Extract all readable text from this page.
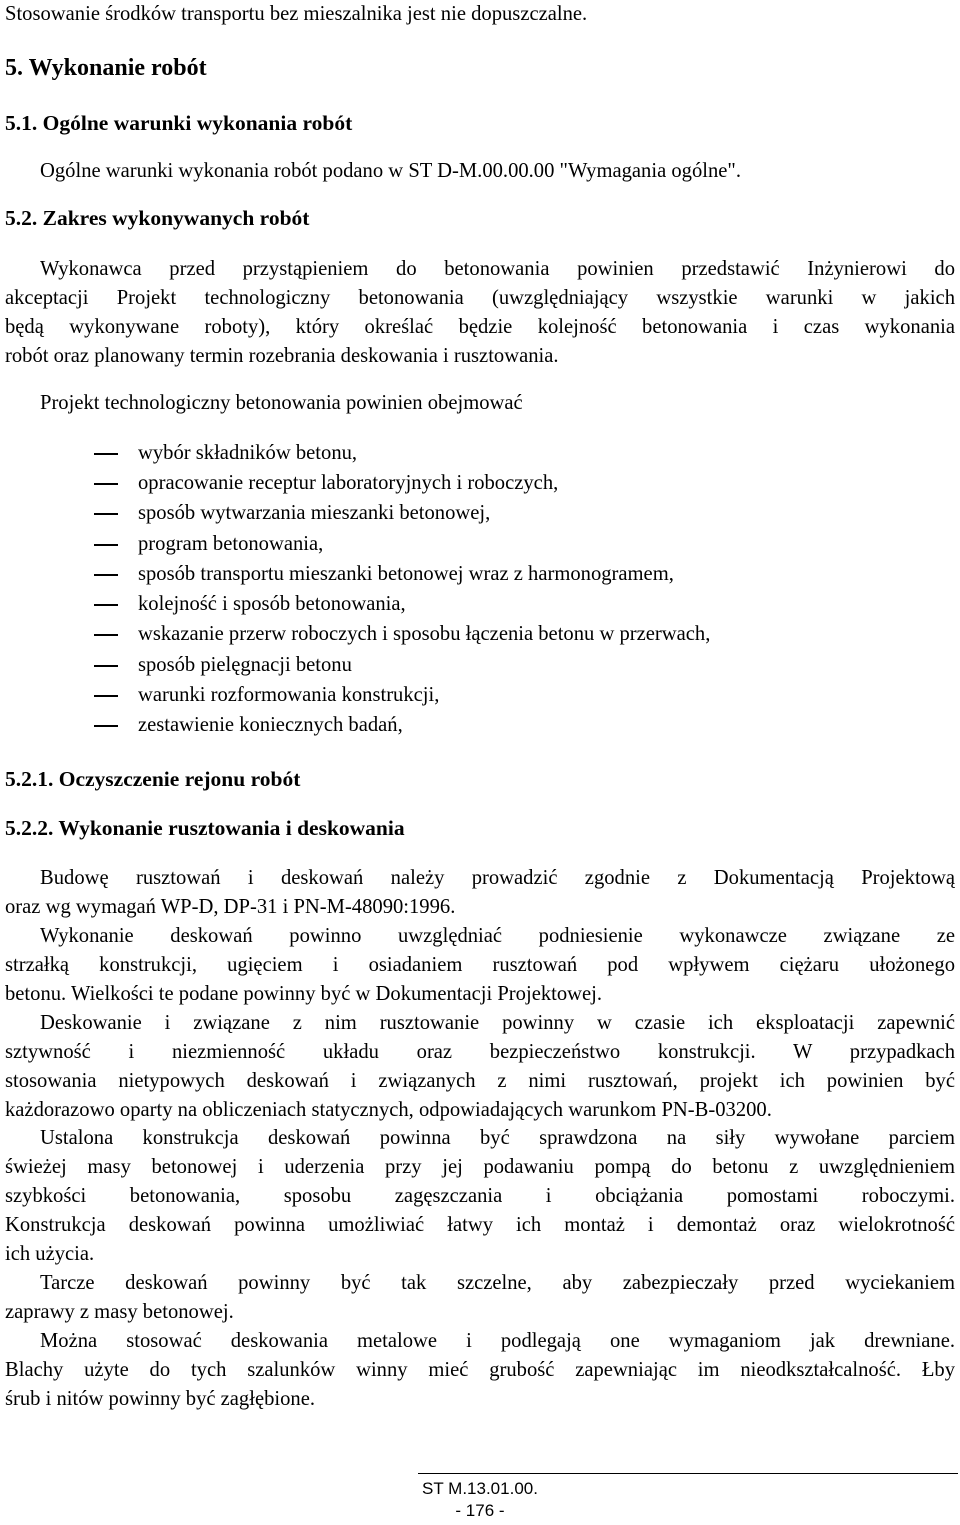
Stosowanie środków transportu bez mieszalnika jest nie dopuszczalne.
5. Wykonanie robót
5.1. Ogólne warunki wykonania robót
Ogólne warunki wykonania robót podano w ST D-M.00.00.00 "Wymagania ogólne".
5.2. Zakres wykonywanych robót
Wykonawca przed przystąpieniem do betonowania powinien przedstawić Inżynierowi do
akceptacji Projekt technologiczny betonowania (uwzględniający wszystkie warunki w jakich
będą wykonywane roboty), który określać będzie kolejność betonowania i czas wykonania
robót oraz planowany termin rozebrania deskowania i rusztowania.
Projekt technologiczny betonowania powinien obejmować
wybór składników betonu,
opracowanie receptur laboratoryjnych i roboczych,
sposób wytwarzania mieszanki betonowej,
program betonowania,
sposób transportu mieszanki betonowej wraz z harmonogramem,
kolejność i sposób betonowania,
wskazanie przerw roboczych i sposobu łączenia betonu w przerwach,
sposób pielęgnacji betonu
warunki rozformowania konstrukcji,
zestawienie koniecznych badań,
5.2.1. Oczyszczenie rejonu robót
5.2.2. Wykonanie rusztowania i deskowania
Budowę rusztowań i deskowań należy prowadzić zgodnie z Dokumentacją Projektową
oraz wg wymagań WP-D, DP-31 i PN-M-48090:1996.
Wykonanie deskowań powinno uwzględniać podniesienie wykonawcze związane ze
strzałką konstrukcji, ugięciem i osiadaniem rusztowań pod wpływem ciężaru ułożonego
betonu. Wielkości te podane powinny być w Dokumentacji Projektowej.
Deskowanie i związane z nim rusztowanie powinny w czasie ich eksploatacji zapewnić
sztywność i niezmienność układu oraz bezpieczeństwo konstrukcji. W przypadkach
stosowania nietypowych deskowań i związanych z nimi rusztowań, projekt ich powinien być
każdorazowo oparty na obliczeniach statycznych, odpowiadających warunkom PN-B-03200.
Ustalona konstrukcja deskowań powinna być sprawdzona na siły wywołane parciem
świeżej masy betonowej i uderzenia przy jej podawaniu pompą do betonu z uwzględnieniem
szybkości betonowania, sposobu zagęszczania i obciążania pomostami roboczymi.
Konstrukcja deskowań powinna umożliwiać łatwy ich montaż i demontaż oraz wielokrotność
ich użycia.
Tarcze deskowań powinny być tak szczelne, aby zabezpieczały przed wyciekaniem
zaprawy z masy betonowej.
Można stosować deskowania metalowe i podlegają one wymaganiom jak drewniane.
Blachy użyte do tych szalunków winny mieć grubość zapewniając im nieodkształcalność. Łby
śrub i nitów powinny być zagłębione.
ST M.13.01.00.
- 176 -
